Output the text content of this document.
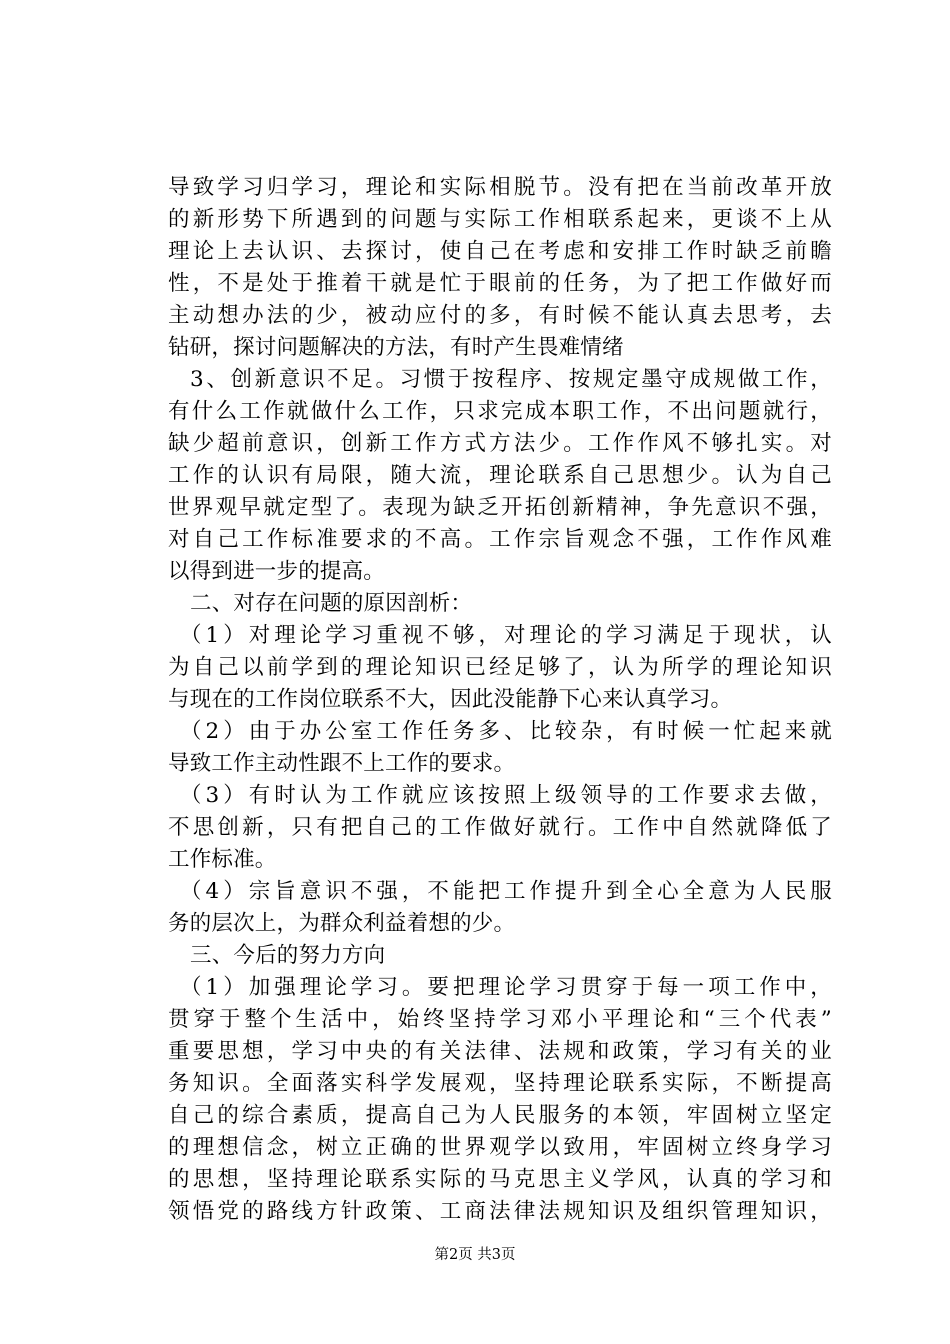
导致学习归学习，理论和实际相脱节。没有把在当前改革开放
的新形势下所遇到的问题与实际工作相联系起来，更谈不上从
理论上去认识、去探讨，使自己在考虑和安排工作时缺乏前瞻
性，不是处于推着干就是忙于眼前的任务，为了把工作做好而
主动想办法的少，被动应付的多，有时候不能认真去思考，去
钻研，探讨问题解决的方法，有时产生畏难情绪
3、创新意识不足。习惯于按程序、按规定墨守成规做工作，
有什么工作就做什么工作，只求完成本职工作，不出问题就行，
缺少超前意识，创新工作方式方法少。工作作风不够扎实。对
工作的认识有局限，随大流，理论联系自己思想少。认为自己
世界观早就定型了。表现为缺乏开拓创新精神，争先意识不强，
对自己工作标准要求的不高。工作宗旨观念不强，工作作风难
以得到进一步的提高。
二、对存在问题的原因剖析：
（1）对理论学习重视不够，对理论的学习满足于现状，认
为自己以前学到的理论知识已经足够了，认为所学的理论知识
与现在的工作岗位联系不大，因此没能静下心来认真学习。
（2）由于办公室工作任务多、比较杂，有时候一忙起来就
导致工作主动性跟不上工作的要求。
（3）有时认为工作就应该按照上级领导的工作要求去做，
不思创新，只有把自己的工作做好就行。工作中自然就降低了
工作标准。
（4）宗旨意识不强，不能把工作提升到全心全意为人民服
务的层次上，为群众利益着想的少。
三、今后的努力方向
（1）加强理论学习。要把理论学习贯穿于每一项工作中，
贯穿于整个生活中，始终坚持学习邓小平理论和“三个代表”
重要思想，学习中央的有关法律、法规和政策，学习有关的业
务知识。全面落实科学发展观，坚持理论联系实际，不断提高
自己的综合素质，提高自己为人民服务的本领，牢固树立坚定
的理想信念，树立正确的世界观学以致用，牢固树立终身学习
的思想，坚持理论联系实际的马克思主义学风，认真的学习和
领悟党的路线方针政策、工商法律法规知识及组织管理知识，
第2页 共3页
